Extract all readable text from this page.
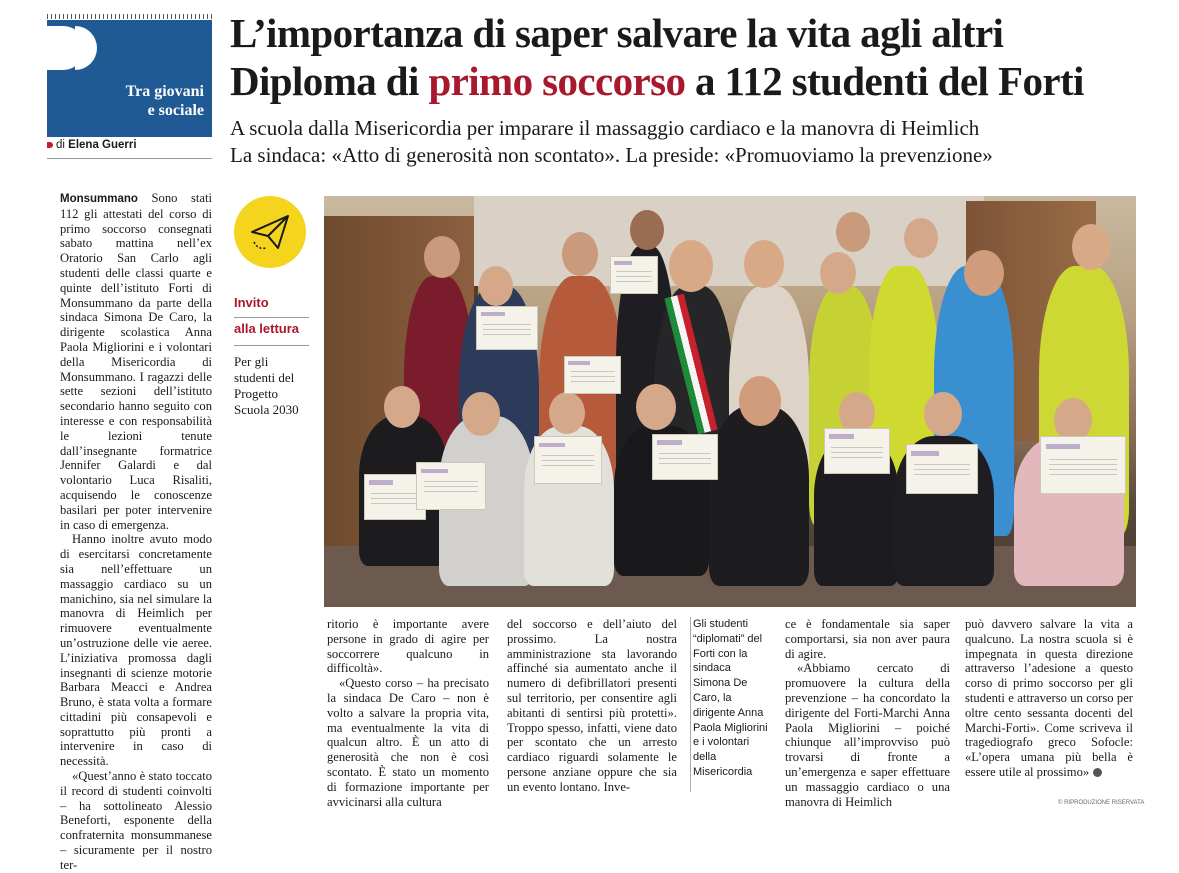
Tra giovani
e sociale
di Elena Guerri
L’importanza di saper salvare la vita agli altri
Diploma di primo soccorso a 112 studenti del Forti
A scuola dalla Misericordia per imparare il massaggio cardiaco e la manovra di Heimlich
La sindaca: «Atto di generosità non scontato». La preside: «Promuoviamo la prevenzione»

Monsummano Sono stati 112 gli attestati del corso di primo soccorso consegnati sabato mattina nell’ex Oratorio San Carlo agli studenti delle classi quarte e quinte dell’istituto Forti di Monsummano da parte della sindaca Simona De Caro, la dirigente scolastica Anna Paola Migliorini e i volontari della Misericordia di Monsummano. I ragazzi delle sette sezioni dell’istituto secondario hanno seguito con interesse e con responsabilità le lezioni tenute dall’insegnante formatrice Jennifer Galardi e dal volontario Luca Risaliti, acquisendo le conoscenze basilari per poter intervenire in caso di emergenza.

Hanno inoltre avuto modo di esercitarsi concretamente sia nell’effettuare un massaggio cardiaco su un manichino, sia nel simulare la manovra di Heimlich per rimuovere eventualmente un’ostruzione delle vie aeree. L’iniziativa promossa dagli insegnanti di scienze motorie Barbara Meacci e Andrea Bruno, è stata volta a formare cittadini più consapevoli e soprattutto più pronti a intervenire in caso di necessità.

«Quest’anno è stato toccato il record di studenti coinvolti – ha sottolineato Alessio Beneforti, esponente della confraternita monsummanese – sicuramente per il nostro ter-

Invito
alla lettura
Per gli studenti del Progetto Scuola 2030

ritorio è importante avere persone in grado di agire per soccorrere qualcuno in difficoltà».

«Questo corso – ha precisato la sindaca De Caro – non è volto a salvare la propria vita, ma eventualmente la vita di qualcun altro. È un atto di generosità che non è così scontato. È stato un momento di formazione importante per avvicinarsi alla cultura

del soccorso e dell’aiuto del prossimo. La nostra amministrazione sta lavorando affinché sia aumentato anche il numero di defibrillatori presenti sul territorio, per consentire agli abitanti di sentirsi più protetti». Troppo spesso, infatti, viene dato per scontato che un arresto cardiaco riguardi solamente le persone anziane oppure che sia un evento lontano. Inve-

Gli studenti “diplomati” del Forti con la sindaca Simona De Caro, la dirigente Anna Paola Migliorini e i volontari della Misericordia

ce è fondamentale sia saper comportarsi, sia non aver paura di agire.

«Abbiamo cercato di promuovere la cultura della prevenzione – ha concordato la dirigente del Forti-Marchi Anna Paola Migliorini – poiché chiunque all’improvviso può trovarsi di fronte a un’emergenza e saper effettuare un massaggio cardiaco o una manovra di Heimlich

può davvero salvare la vita a qualcuno. La nostra scuola si è impegnata in questa direzione attraverso l’adesione a questo corso di primo soccorso per gli studenti e attraverso un corso per oltre cento sessanta docenti del Marchi-Forti». Come scriveva il tragediografo greco Sofocle: «L’opera umana più bella è essere utile al prossimo»

© RIPRODUZIONE RISERVATA
